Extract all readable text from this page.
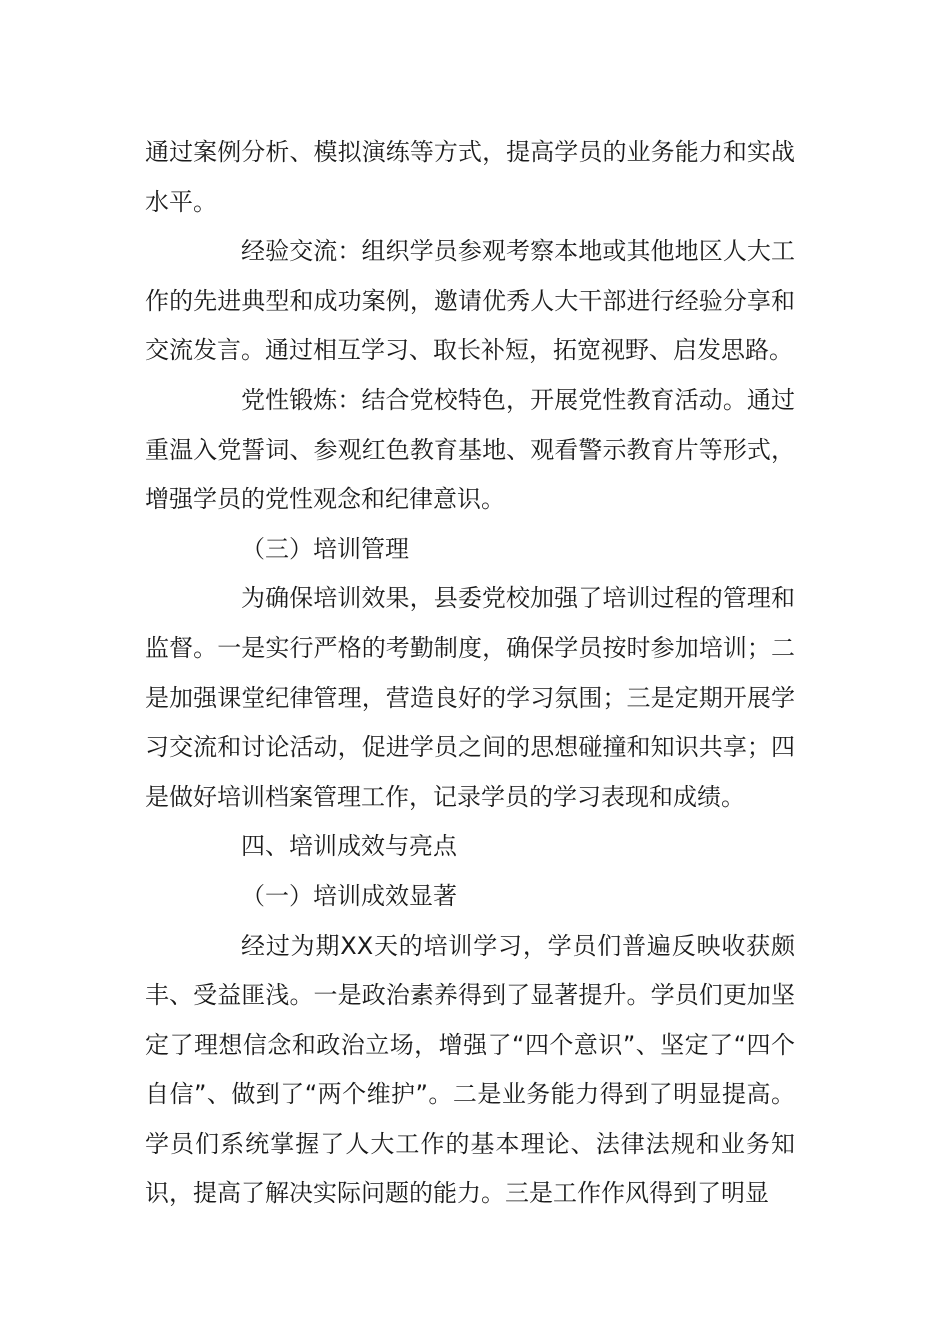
通过案例分析、模拟演练等方式，提高学员的业务能力和实战水平。

经验交流：组织学员参观考察本地或其他地区人大工作的先进典型和成功案例，邀请优秀人大干部进行经验分享和交流发言。通过相互学习、取长补短，拓宽视野、启发思路。

党性锻炼：结合党校特色，开展党性教育活动。通过重温入党誓词、参观红色教育基地、观看警示教育片等形式，增强学员的党性观念和纪律意识。

（三）培训管理

为确保培训效果，县委党校加强了培训过程的管理和监督。一是实行严格的考勤制度，确保学员按时参加培训；二是加强课堂纪律管理，营造良好的学习氛围；三是定期开展学习交流和讨论活动，促进学员之间的思想碰撞和知识共享；四是做好培训档案管理工作，记录学员的学习表现和成绩。

四、培训成效与亮点

（一）培训成效显著

经过为期XX天的培训学习，学员们普遍反映收获颇丰、受益匪浅。一是政治素养得到了显著提升。学员们更加坚定了理想信念和政治立场，增强了“四个意识”、坚定了“四个自信”、做到了“两个维护”。二是业务能力得到了明显提高。学员们系统掌握了人大工作的基本理论、法律法规和业务知识，提高了解决实际问题的能力。三是工作作风得到了明显
